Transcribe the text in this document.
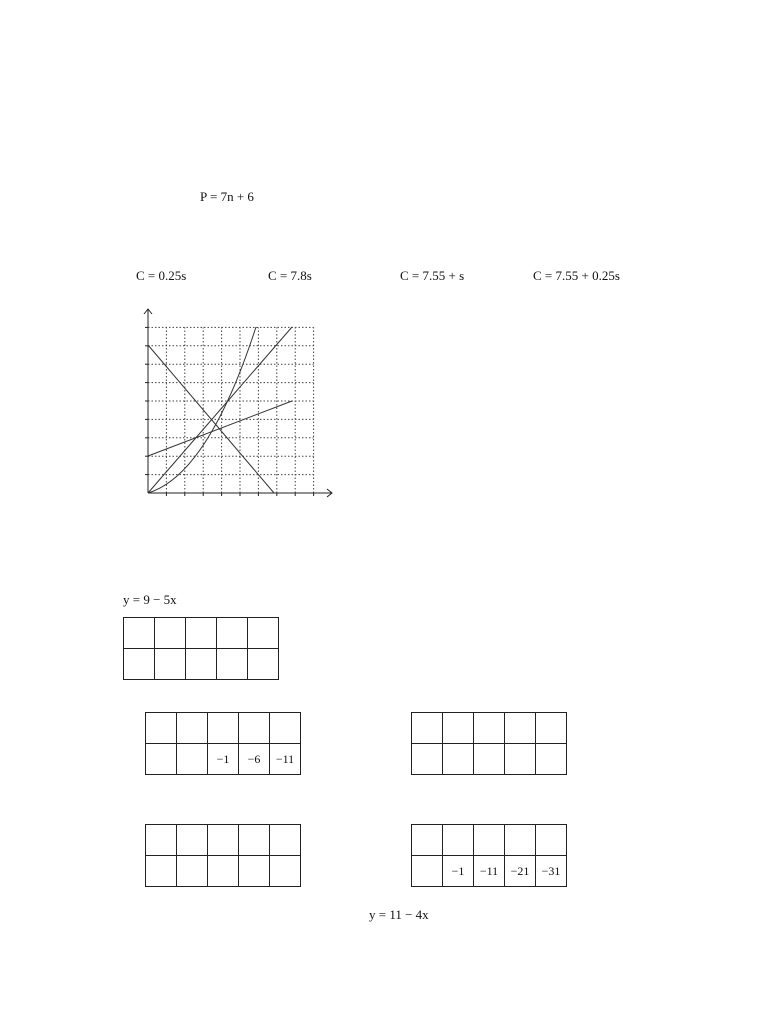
P = 7n + 6
C = 0.25s	C = 7.8s	C = 7.55 + s	C = 7.55 + 0.25s
y = 9 − 5x

		−1	−6	−11

	−1	−11	−21	−31
y = 11 − 4x
